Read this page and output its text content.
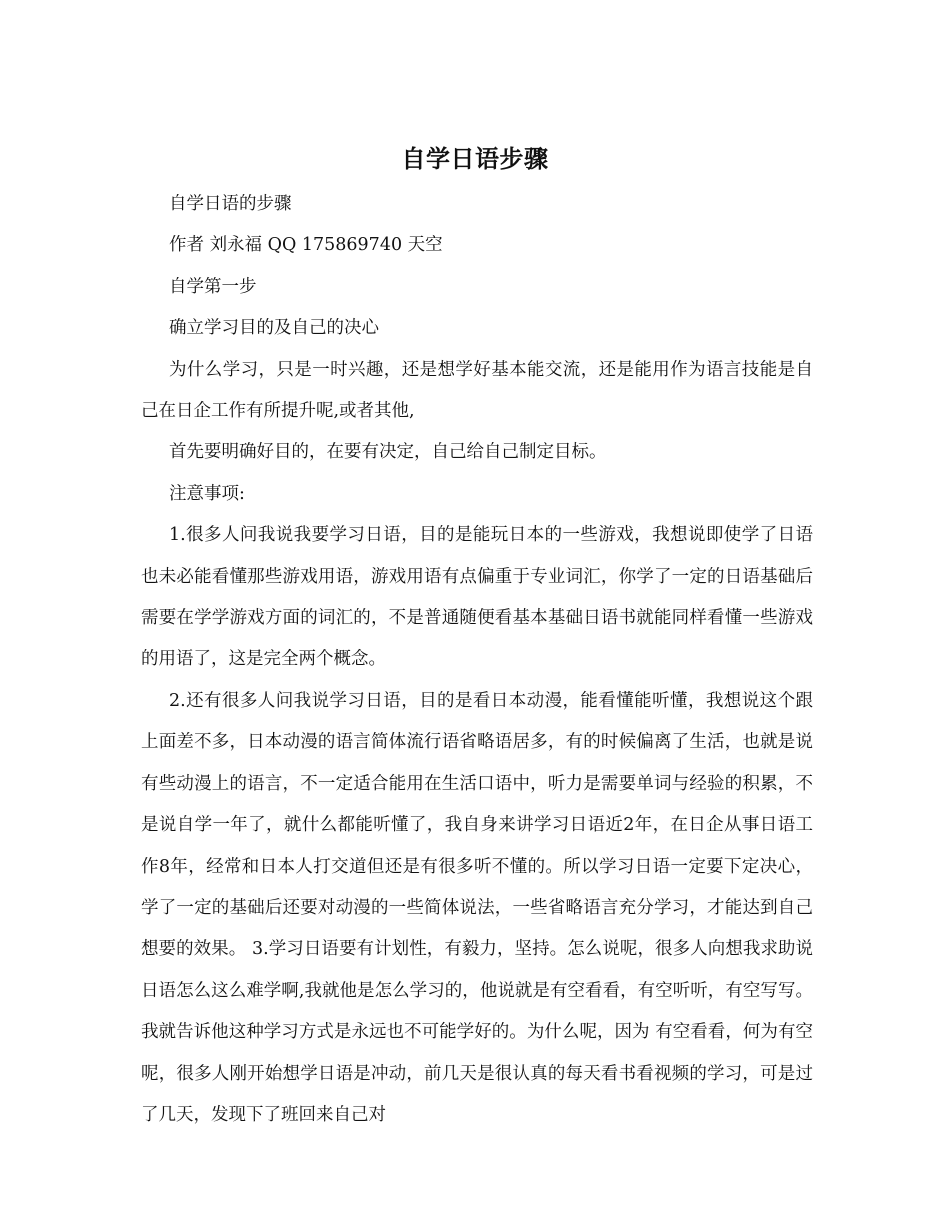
自学日语步骤

自学日语的步骤

作者 刘永福 QQ 175869740 天空

自学第一步

确立学习目的及自己的决心

为什么学习，只是一时兴趣，还是想学好基本能交流，还是能用作为语言技能是自己在日企工作有所提升呢,或者其他,

首先要明确好目的，在要有决定，自己给自己制定目标。

注意事项:

1.很多人问我说我要学习日语，目的是能玩日本的一些游戏，我想说即使学了日语也未必能看懂那些游戏用语，游戏用语有点偏重于专业词汇，你学了一定的日语基础后 需要在学学游戏方面的词汇的，不是普通随便看基本基础日语书就能同样看懂一些游戏的用语了，这是完全两个概念。

2.还有很多人问我说学习日语，目的是看日本动漫，能看懂能听懂，我想说这个跟上面差不多，日本动漫的语言简体流行语省略语居多，有的时候偏离了生活，也就是说有些动漫上的语言，不一定适合能用在生活口语中，听力是需要单词与经验的积累，不是说自学一年了，就什么都能听懂了，我自身来讲学习日语近2年，在日企从事日语工作8年，经常和日本人打交道但还是有很多听不懂的。所以学习日语一定要下定决心，学了一定的基础后还要对动漫的一些简体说法，一些省略语言充分学习，才能达到自己想要的效果。 3.学习日语要有计划性，有毅力，坚持。怎么说呢，很多人向想我求助说日语怎么这么难学啊,我就他是怎么学习的，他说就是有空看看，有空听听，有空写写。我就告诉他这种学习方式是永远也不可能学好的。为什么呢，因为 有空看看，何为有空呢，很多人刚开始想学日语是冲动，前几天是很认真的每天看书看视频的学习，可是过了几天，发现下了班回来自己对
